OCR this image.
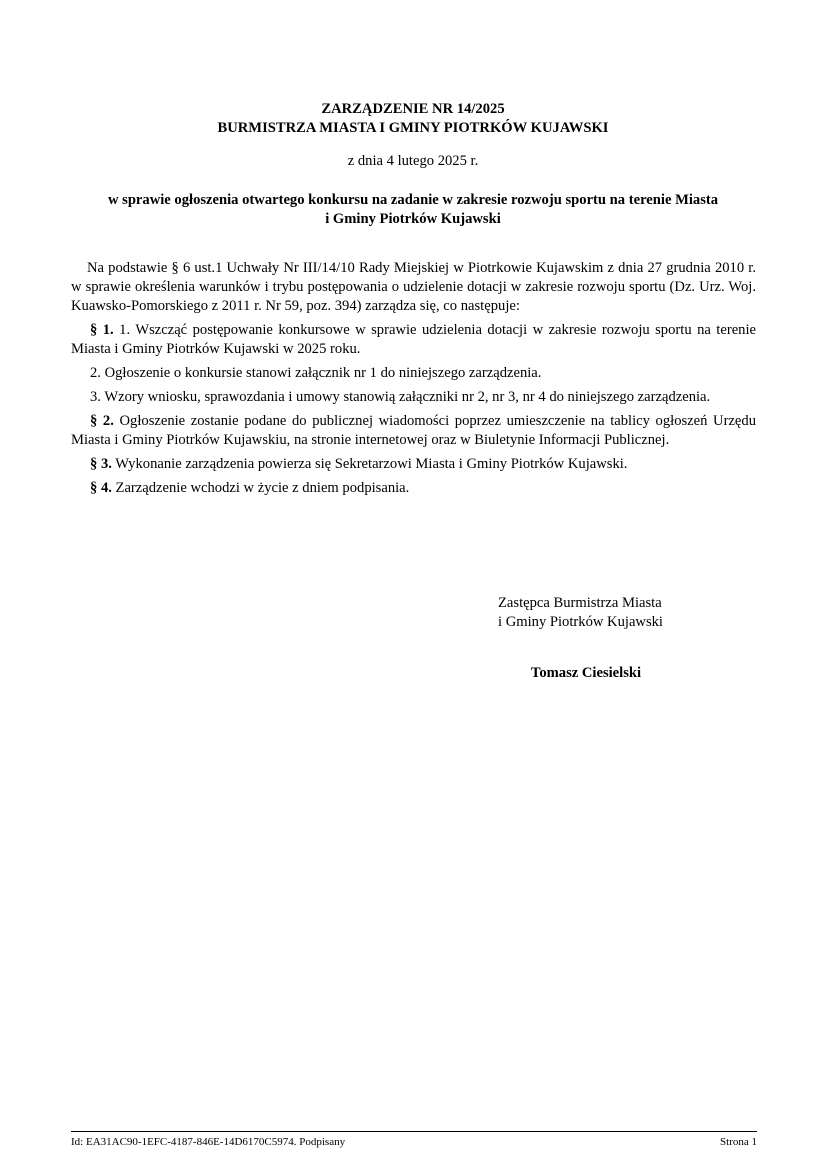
ZARZĄDZENIE NR 14/2025
BURMISTRZA MIASTA I GMINY PIOTRKÓW KUJAWSKI
z dnia 4 lutego 2025 r.
w sprawie ogłoszenia otwartego konkursu na zadanie w zakresie rozwoju sportu na terenie Miasta
i Gminy Piotrków Kujawski

Na podstawie § 6 ust.1 Uchwały Nr III/14/10 Rady Miejskiej w Piotrkowie Kujawskim z dnia 27 grudnia 2010 r. w sprawie określenia warunków i trybu postępowania o udzielenie dotacji w zakresie rozwoju sportu (Dz. Urz. Woj. Kuawsko-Pomorskiego z 2011 r. Nr 59, poz. 394) zarządza się, co następuje:

§ 1. 1. Wszcząć postępowanie konkursowe w sprawie udzielenia dotacji w zakresie rozwoju sportu na terenie Miasta i Gminy Piotrków Kujawski w 2025 roku.

2. Ogłoszenie o konkursie stanowi załącznik nr 1 do niniejszego zarządzenia.

3. Wzory wniosku, sprawozdania i umowy stanowią załączniki nr 2, nr 3, nr 4 do niniejszego zarządzenia.

§ 2. Ogłoszenie zostanie podane do publicznej wiadomości poprzez umieszczenie na tablicy ogłoszeń Urzędu Miasta i Gminy Piotrków Kujawskiu, na stronie internetowej oraz w Biuletynie Informacji Publicznej.

§ 3. Wykonanie zarządzenia powierza się Sekretarzowi Miasta i Gminy Piotrków Kujawski.

§ 4. Zarządzenie wchodzi w życie z dniem podpisania.

Zastępca Burmistrza Miasta
i Gminy Piotrków Kujawski
Tomasz Ciesielski
Id: EA31AC90-1EFC-4187-846E-14D6170C5974. Podpisany	Strona 1
